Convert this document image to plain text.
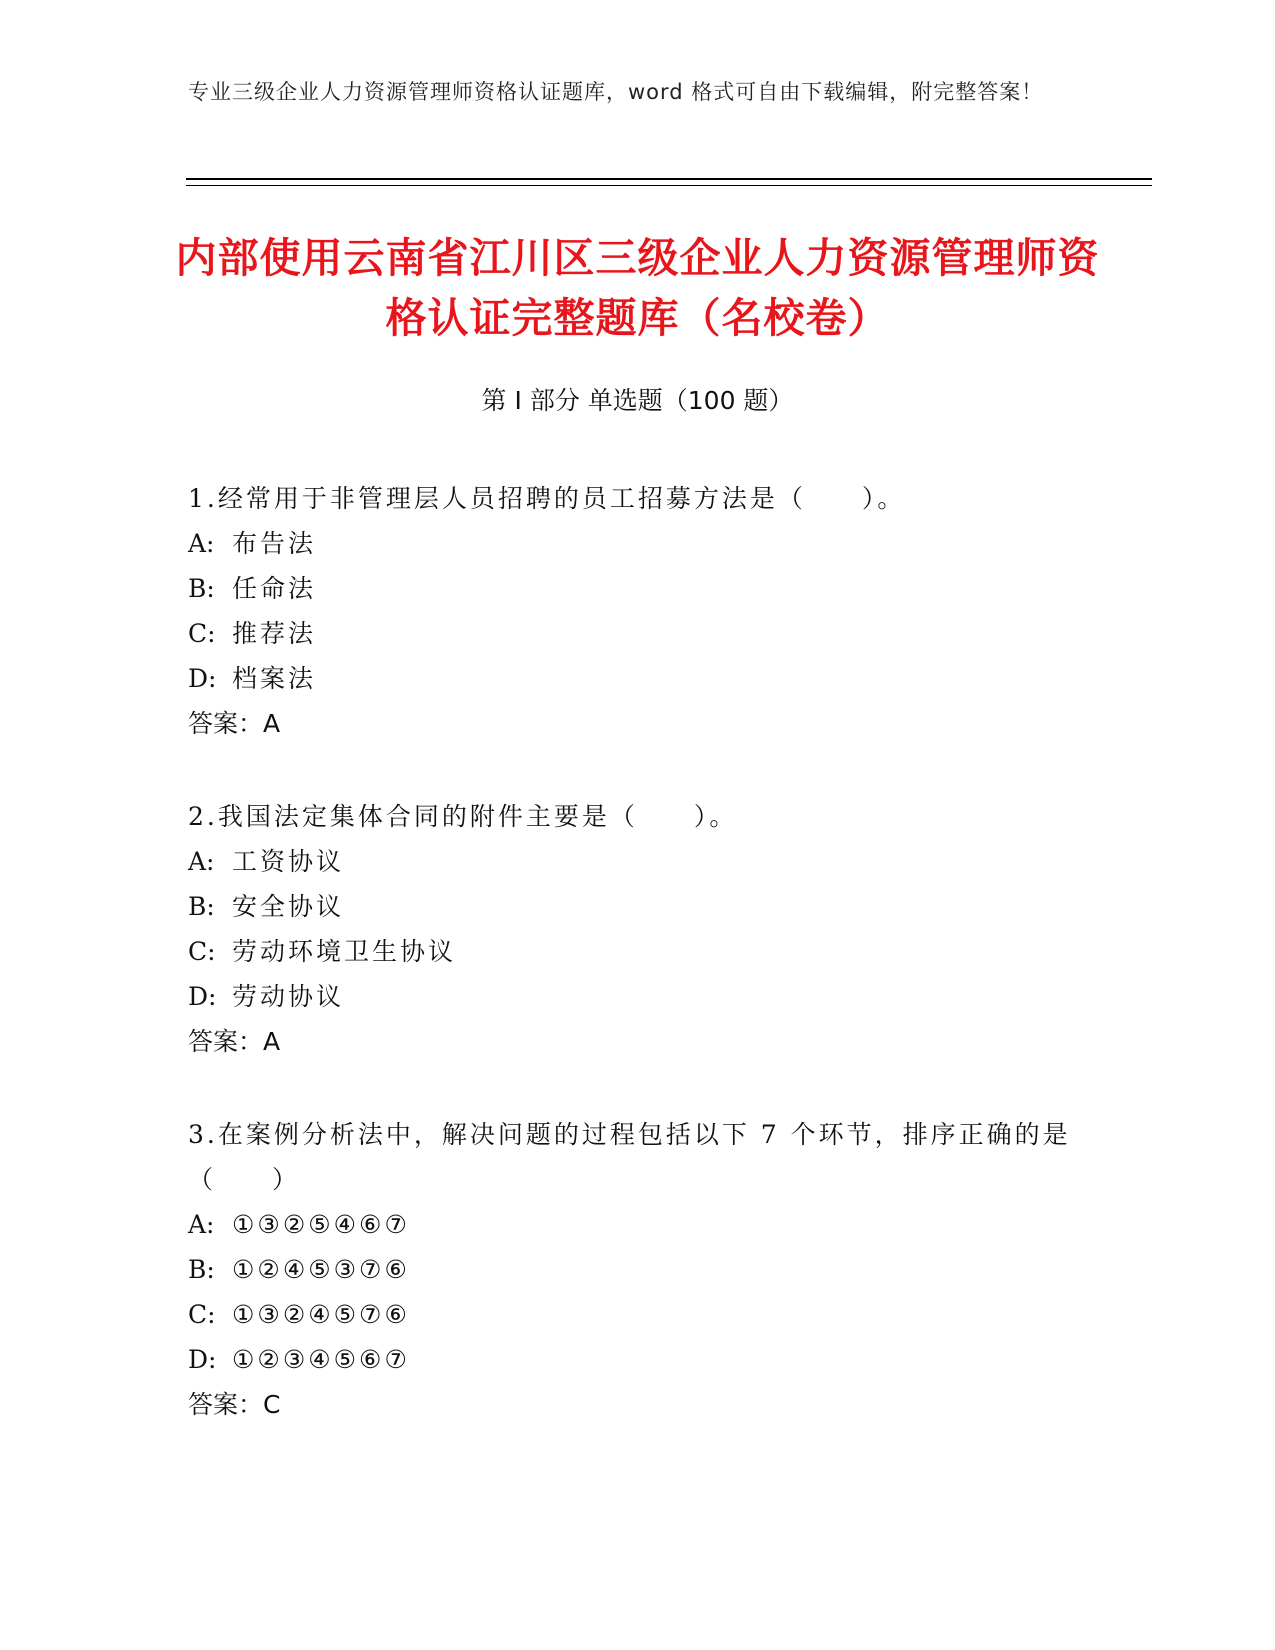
专业三级企业人力资源管理师资格认证题库，word 格式可自由下载编辑，附完整答案！
内部使用云南省江川区三级企业人力资源管理师资格认证完整题库（名校卷）
第 I 部分 单选题（100 题）

1.经常用于非管理层人员招聘的员工招募方法是（　　）。

A: 布告法
B: 任命法
C: 推荐法
D: 档案法
答案：A

2.我国法定集体合同的附件主要是（　　）。

A: 工资协议
B: 安全协议
C: 劳动环境卫生协议
D: 劳动协议
答案：A

3.在案例分析法中，解决问题的过程包括以下 7 个环节，排序正确的是（　　）

A: ①③②⑤④⑥⑦
B: ①②④⑤③⑦⑥
C: ①③②④⑤⑦⑥
D: ①②③④⑤⑥⑦
答案：C
